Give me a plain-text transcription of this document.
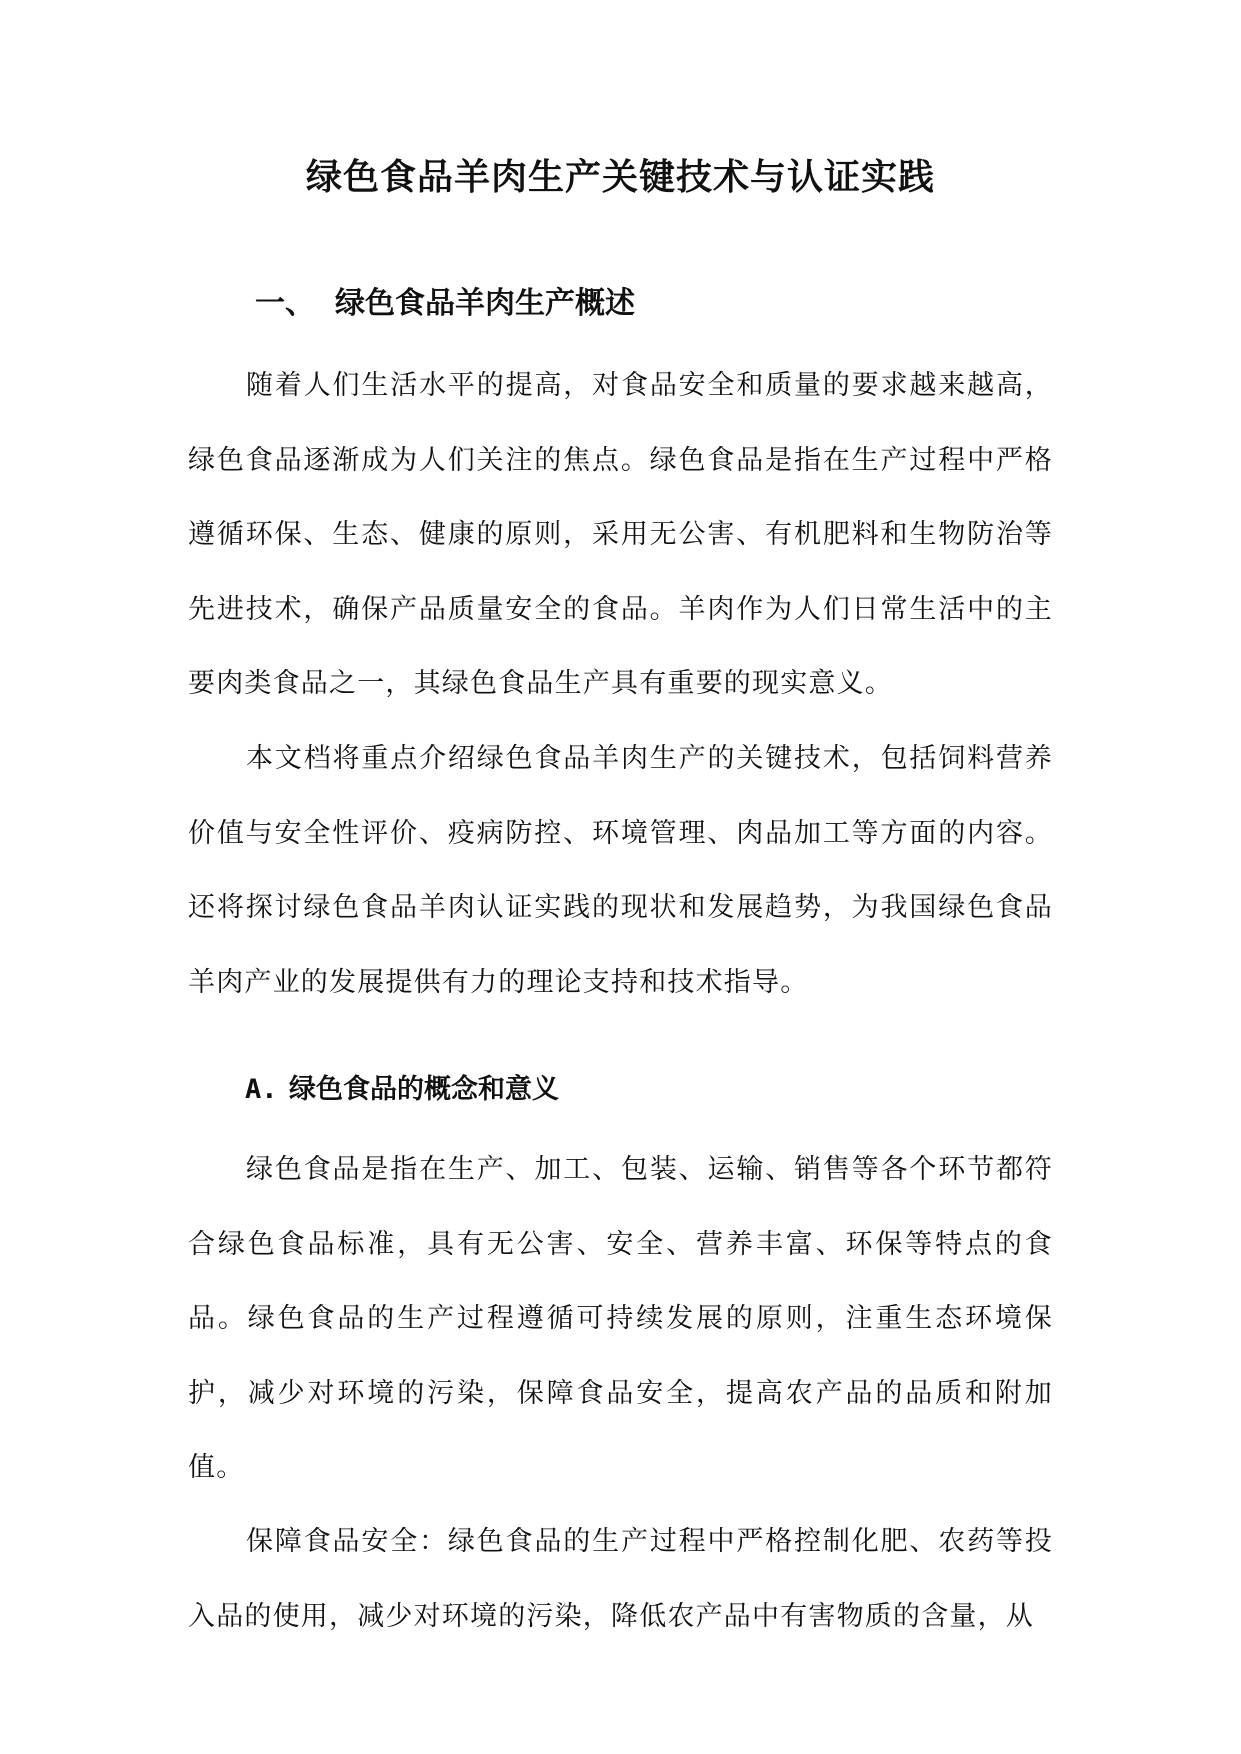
绿色食品羊肉生产关键技术与认证实践
一、 绿色食品羊肉生产概述

随着人们生活水平的提高，对食品安全和质量的要求越来越高，绿色食品逐渐成为人们关注的焦点。绿色食品是指在生产过程中严格遵循环保、生态、健康的原则，采用无公害、有机肥料和生物防治等先进技术，确保产品质量安全的食品。羊肉作为人们日常生活中的主要肉类食品之一，其绿色食品生产具有重要的现实意义。

本文档将重点介绍绿色食品羊肉生产的关键技术，包括饲料营养价值与安全性评价、疫病防控、环境管理、肉品加工等方面的内容。还将探讨绿色食品羊肉认证实践的现状和发展趋势，为我国绿色食品羊肉产业的发展提供有力的理论支持和技术指导。

A. 绿色食品的概念和意义

绿色食品是指在生产、加工、包装、运输、销售等各个环节都符合绿色食品标准，具有无公害、安全、营养丰富、环保等特点的食品。绿色食品的生产过程遵循可持续发展的原则，注重生态环境保护，减少对环境的污染，保障食品安全，提高农产品的品质和附加值。

保障食品安全：绿色食品的生产过程中严格控制化肥、农药等投入品的使用，减少对环境的污染，降低农产品中有害物质的含量，从
